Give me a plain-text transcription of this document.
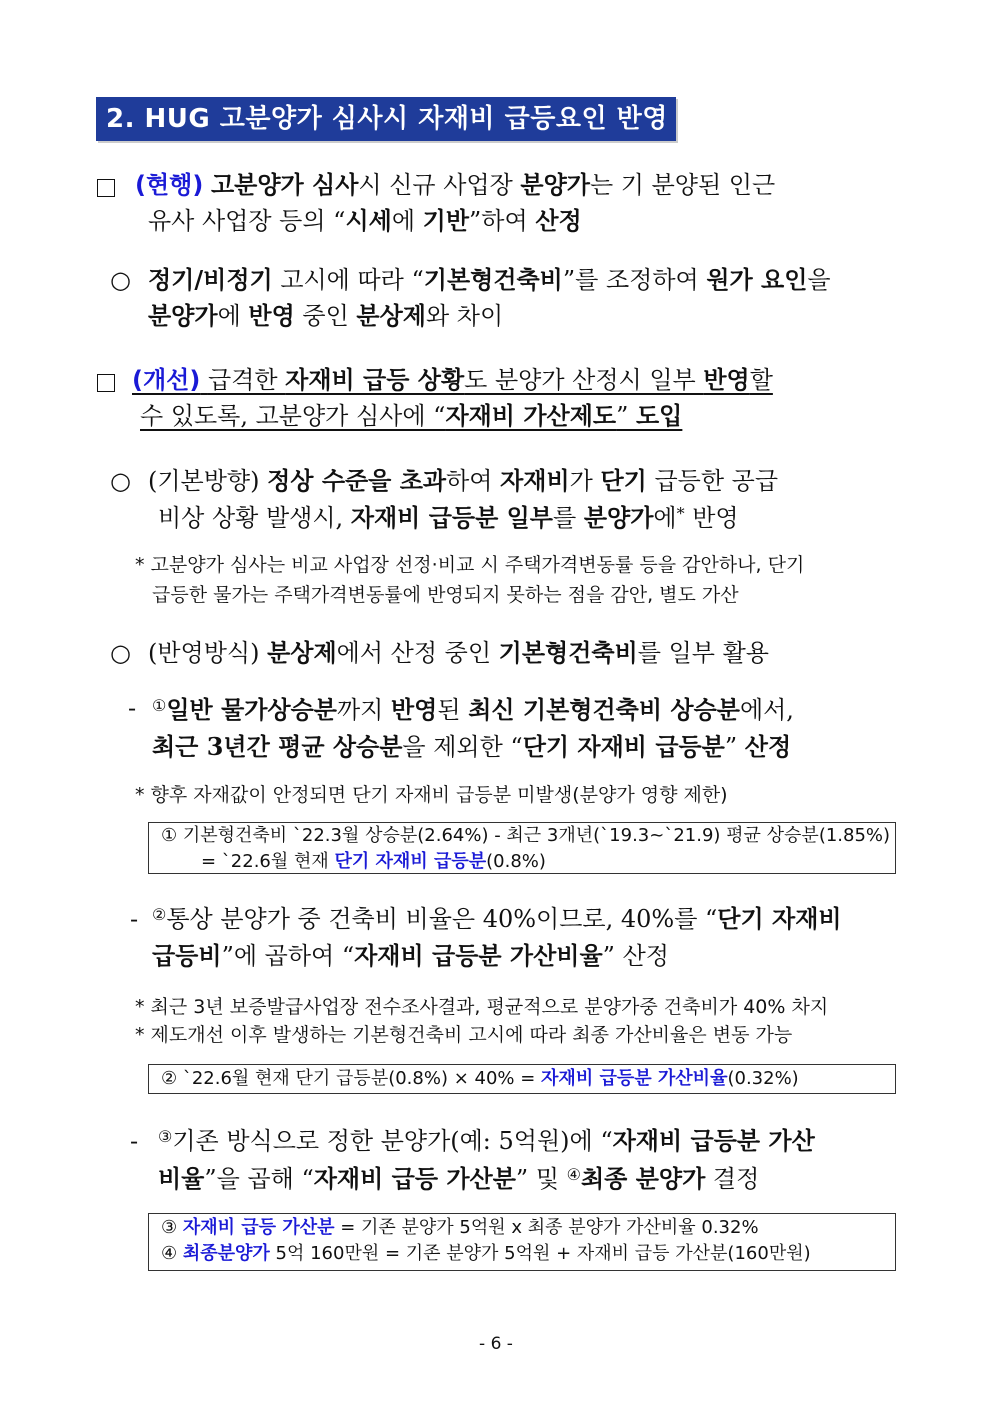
2. HUG 고분양가 심사시 자재비 급등요인 반영
(현행) 고분양가 심사시 신규 사업장 분양가는 기 분양된 인근
유사 사업장 등의 “시세에 기반”하여 산정
○ 정기/비정기 고시에 따라 “기본형건축비”를 조정하여 원가 요인을
분양가에 반영 중인 분상제와 차이
(개선) 급격한 자재비 급등 상황도 분양가 산정시 일부 반영할
수 있도록, 고분양가 심사에 “자재비 가산제도” 도입
○ (기본방향) 정상 수준을 초과하여 자재비가 단기 급등한 공급
비상 상황 발생시, 자재비 급등분 일부를 분양가에* 반영
* 고분양가 심사는 비교 사업장 선정·비교 시 주택가격변동률 등을 감안하나, 단기
급등한 물가는 주택가격변동률에 반영되지 못하는 점을 감안, 별도 가산
○ (반영방식) 분상제에서 산정 중인 기본형건축비를 일부 활용
- ①일반 물가상승분까지 반영된 최신 기본형건축비 상승분에서,
최근 3년간 평균 상승분을 제외한 “단기 자재비 급등분” 산정
* 향후 자재값이 안정되면 단기 자재비 급등분 미발생(분양가 영향 제한)
① 기본형건축비 `22.3월 상승분(2.64%) - 최근 3개년(`19.3~`21.9) 평균 상승분(1.85%)
= `22.6월 현재 단기 자재비 급등분(0.8%)
- ②통상 분양가 중 건축비 비율은 40%이므로, 40%를 “단기 자재비
급등비”에 곱하여 “자재비 급등분 가산비율” 산정
* 최근 3년 보증발급사업장 전수조사결과, 평균적으로 분양가중 건축비가 40% 차지
* 제도개선 이후 발생하는 기본형건축비 고시에 따라 최종 가산비율은 변동 가능
② `22.6월 현재 단기 급등분(0.8%) × 40% = 자재비 급등분 가산비율(0.32%)
- ③기존 방식으로 정한 분양가(예: 5억원)에 “자재비 급등분 가산
비율”을 곱해 “자재비 급등 가산분” 및 ④최종 분양가 결정
③ 자재비 급등 가산분 = 기존 분양가 5억원 x 최종 분양가 가산비율 0.32%
④ 최종분양가 5억 160만원 = 기존 분양가 5억원 + 자재비 급등 가산분(160만원)
- 6 -
